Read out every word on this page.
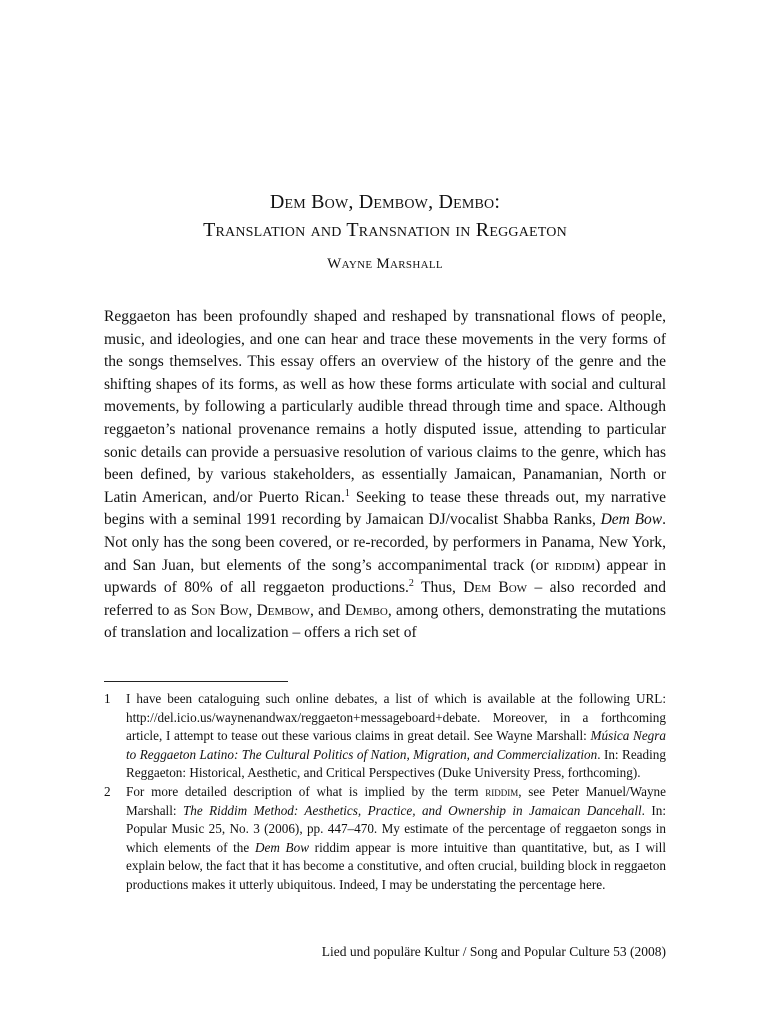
Dem Bow, Dembow, Dembo:
Translation and Transnation in Reggaeton
Wayne Marshall

Reggaeton has been profoundly shaped and reshaped by transnational flows of people, music, and ideologies, and one can hear and trace these movements in the very forms of the songs themselves. This essay offers an overview of the history of the genre and the shifting shapes of its forms, as well as how these forms articulate with social and cultural movements, by following a particularly audible thread through time and space. Although reggaeton’s national provenance remains a hotly disputed issue, attending to particular sonic details can provide a persuasive resolution of various claims to the genre, which has been defined, by various stakeholders, as essentially Jamaican, Panamanian, North or Latin American, and/or Puerto Rican.$^1$ Seeking to tease these threads out, my narrative begins with a seminal 1991 recording by Jamaican DJ/vocalist Shabba Ranks, Dem Bow. Not only has the song been covered, or re-recorded, by performers in Panama, New York, and San Juan, but elements of the song’s accompanimental track (or riddim) appear in upwards of 80% of all reggaeton productions.$^2$ Thus, Dem Bow – also recorded and referred to as Son Bow, Dembow, and Dembo, among others, demonstrating the mutations of translation and localization – offers a rich set of

1	I have been cataloguing such online debates, a list of which is available at the following URL: http://del.icio.us/waynenandwax/reggaeton+messageboard+debate. Moreover, in a forthcoming article, I attempt to tease out these various claims in great detail. See Wayne Marshall: Música Negra to Reggaeton Latino: The Cultural Politics of Nation, Migration, and Commercialization. In: Reading Reggaeton: Historical, Aesthetic, and Critical Perspectives (Duke University Press, forthcoming).
2	For more detailed description of what is implied by the term riddim, see Peter Manuel/Wayne Marshall: The Riddim Method: Aesthetics, Practice, and Ownership in Jamaican Dancehall. In: Popular Music 25, No. 3 (2006), pp. 447–470. My estimate of the percentage of reggaeton songs in which elements of the Dem Bow riddim appear is more intuitive than quantitative, but, as I will explain below, the fact that it has become a constitutive, and often crucial, building block in reggaeton productions makes it utterly ubiquitous. Indeed, I may be understating the percentage here.
Lied und populäre Kultur / Song and Popular Culture 53 (2008)
